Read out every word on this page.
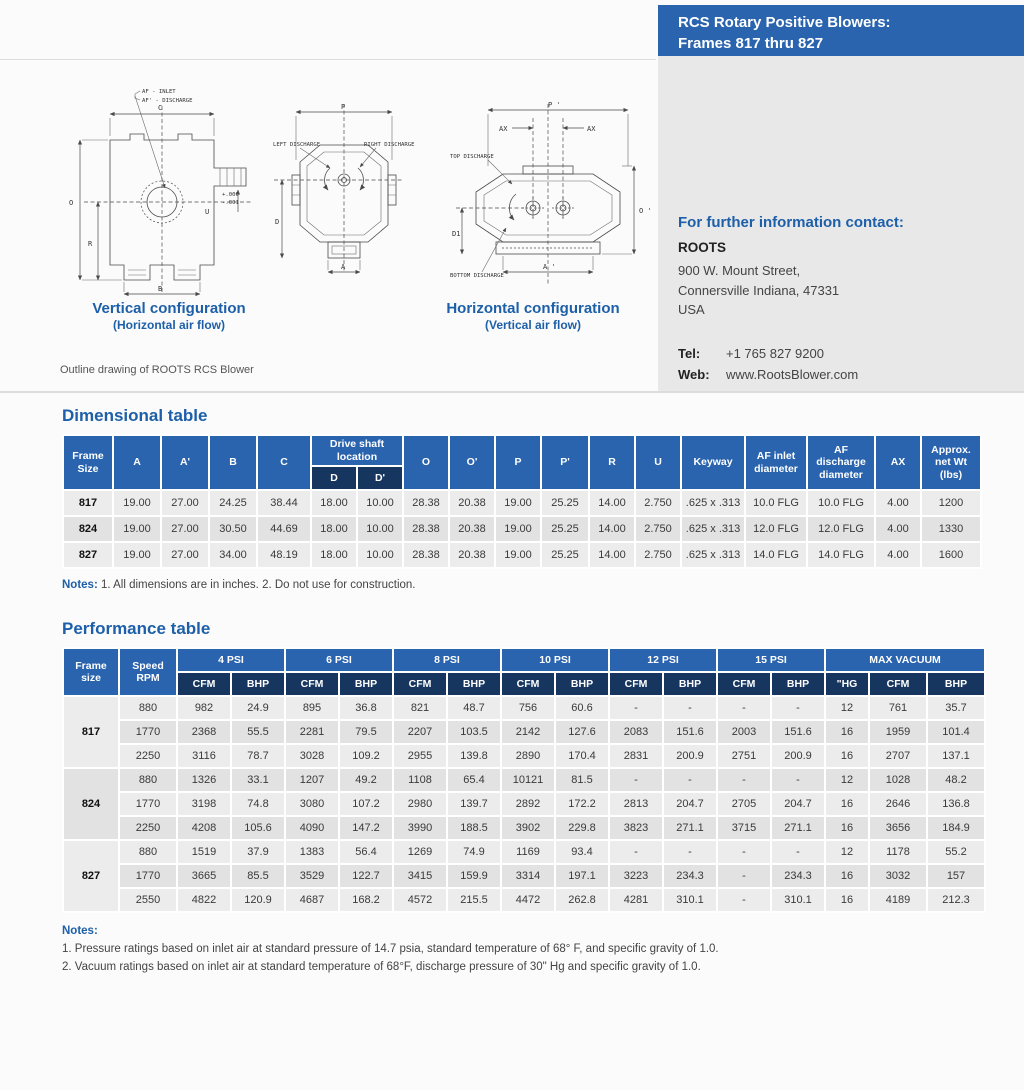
RCS Rotary Positive Blowers:
Frames 817 thru 827
For further information contact:
ROOTS
900 W. Mount Street,
Connersville Indiana, 47331
USA
Tel:	+1 765 827 9200
Web:	www.RootsBlower.com
AF - INLET
AF' - DISCHARGE
C
O
R
B
+.000
-.001
U
P
LEFT DISCHARGE	RIGHT DISCHARGE
D
A
P '
AX	AX
TOP DISCHARGE
BOTTOM DISCHARGE
D1
O '
A '
Vertical configuration
(Horizontal air flow)
Horizontal configuration
(Vertical air flow)
Outline drawing of ROOTS RCS Blower
Dimensional table
Frame Size	A	A'	B	C	Drive shaft location		O	O'	P	P'	R	U	Keyway	AF inlet diameter	AF discharge diameter	AX	Approx. net Wt (lbs)
					D	D'											
817	19.00	27.00	24.25	38.44	18.00	10.00	28.38	20.38	19.00	25.25	14.00	2.750	.625 x .313	10.0 FLG	10.0 FLG	4.00	1200
824	19.00	27.00	30.50	44.69	18.00	10.00	28.38	20.38	19.00	25.25	14.00	2.750	.625 x .313	12.0 FLG	12.0 FLG	4.00	1330
827	19.00	27.00	34.00	48.19	18.00	10.00	28.38	20.38	19.00	25.25	14.00	2.750	.625 x .313	14.0 FLG	14.0 FLG	4.00	1600
Notes: 1. All dimensions are in inches. 2. Do not use for construction.
Performance table
Frame size	Speed RPM	4 PSI		6 PSI		8 PSI		10 PSI		12 PSI		15 PSI		MAX VACUUM		
		CFM	BHP	CFM	BHP	CFM	BHP	CFM	BHP	CFM	BHP	CFM	BHP	"HG	CFM	BHP
817	880	982	24.9	895	36.8	821	48.7	756	60.6	-	-	-	-	12	761	35.7
	1770	2368	55.5	2281	79.5	2207	103.5	2142	127.6	2083	151.6	2003	151.6	16	1959	101.4
	2250	3116	78.7	3028	109.2	2955	139.8	2890	170.4	2831	200.9	2751	200.9	16	2707	137.1
824	880	1326	33.1	1207	49.2	1108	65.4	10121	81.5	-	-	-	-	12	1028	48.2
	1770	3198	74.8	3080	107.2	2980	139.7	2892	172.2	2813	204.7	2705	204.7	16	2646	136.8
	2250	4208	105.6	4090	147.2	3990	188.5	3902	229.8	3823	271.1	3715	271.1	16	3656	184.9
827	880	1519	37.9	1383	56.4	1269	74.9	1169	93.4	-	-	-	-	12	1178	55.2
	1770	3665	85.5	3529	122.7	3415	159.9	3314	197.1	3223	234.3	-	234.3	16	3032	157
	2550	4822	120.9	4687	168.2	4572	215.5	4472	262.8	4281	310.1	-	310.1	16	4189	212.3
Notes:
1. Pressure ratings based on inlet air at standard pressure of 14.7 psia, standard temperature of 68° F, and specific gravity of 1.0.
2. Vacuum ratings based on inlet air at standard temperature of 68°F, discharge pressure of 30" Hg and specific gravity of 1.0.
